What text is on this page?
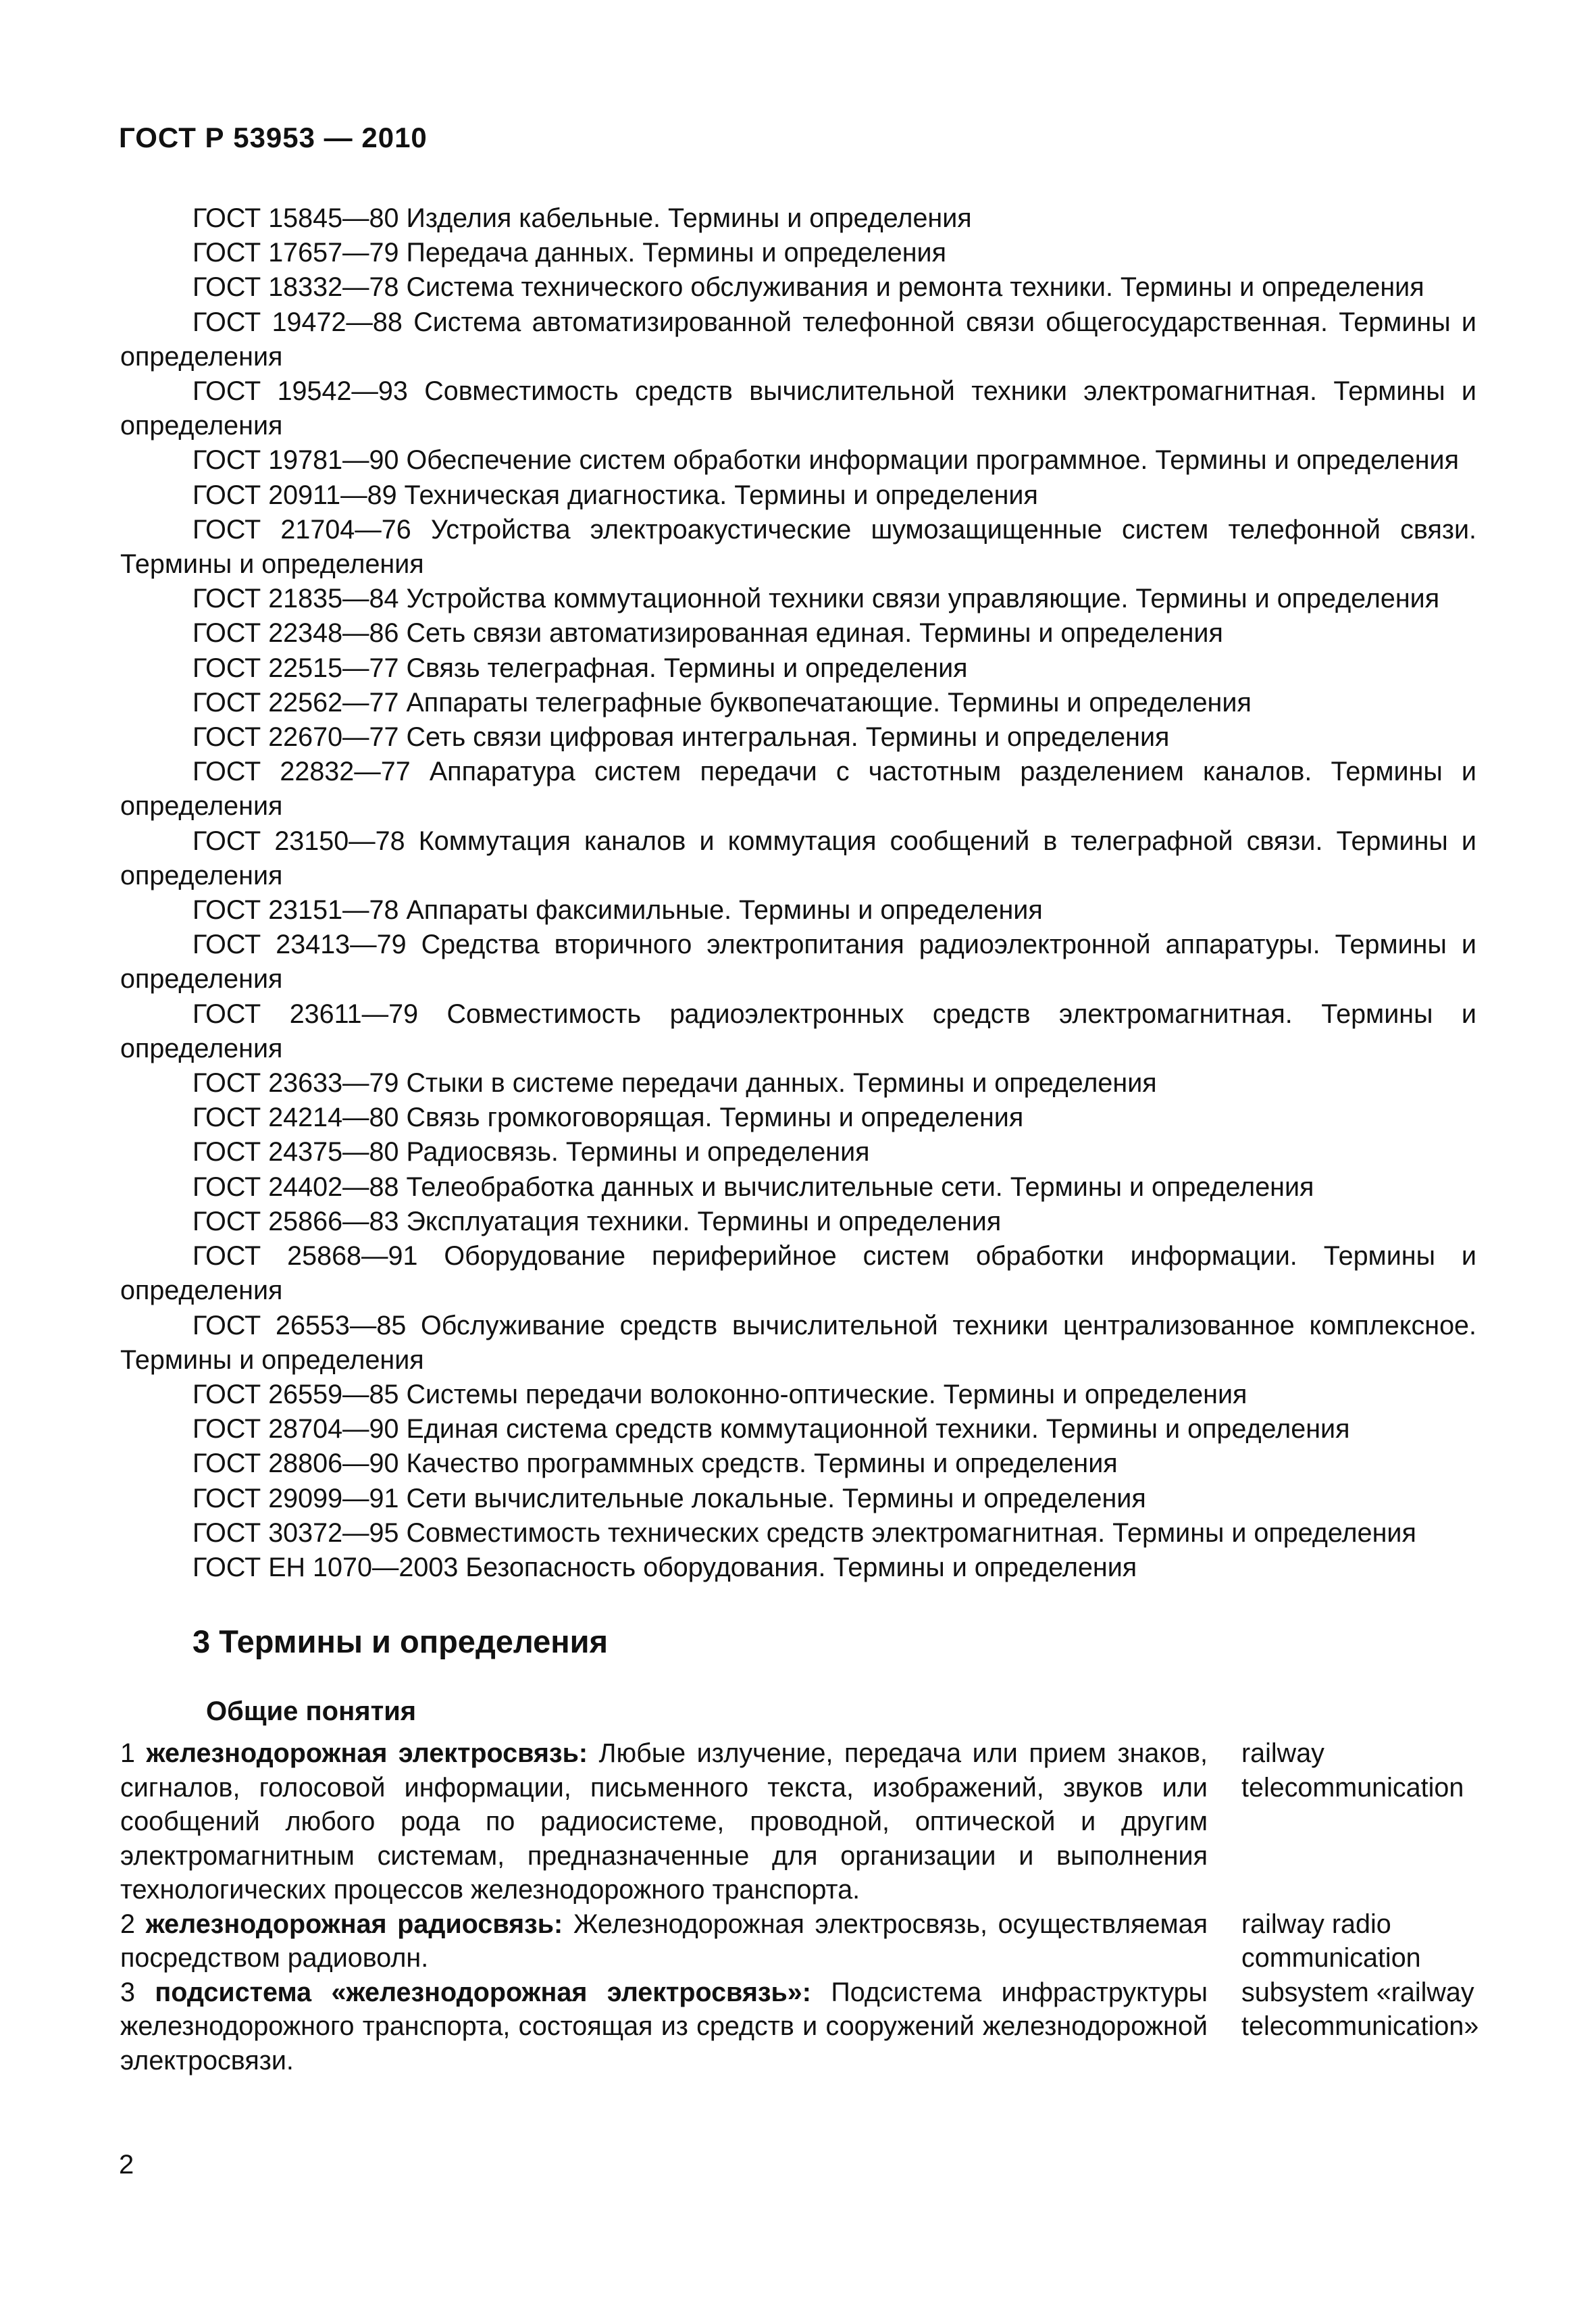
ГОСТ Р 53953 — 2010
ГОСТ 15845—80 Изделия кабельные. Термины и определения
ГОСТ 17657—79 Передача данных. Термины и определения
ГОСТ 18332—78 Система технического обслуживания и ремонта техники. Термины и определения
ГОСТ 19472—88 Система автоматизированной телефонной связи общегосударственная. Термины и определения
ГОСТ 19542—93 Совместимость средств вычислительной техники электромагнитная. Термины и определения
ГОСТ 19781—90 Обеспечение систем обработки информации программное. Термины и определения
ГОСТ 20911—89 Техническая диагностика. Термины и определения
ГОСТ 21704—76 Устройства электроакустические шумозащищенные систем телефонной связи. Термины и определения
ГОСТ 21835—84 Устройства коммутационной техники связи управляющие. Термины и определения
ГОСТ 22348—86 Сеть связи автоматизированная единая. Термины и определения
ГОСТ 22515—77 Связь телеграфная. Термины и определения
ГОСТ 22562—77 Аппараты телеграфные буквопечатающие. Термины и определения
ГОСТ 22670—77 Сеть связи цифровая интегральная. Термины и определения
ГОСТ 22832—77 Аппаратура систем передачи с частотным разделением каналов. Термины и определения
ГОСТ 23150—78 Коммутация каналов и коммутация сообщений в телеграфной связи. Термины и определения
ГОСТ 23151—78 Аппараты факсимильные. Термины и определения
ГОСТ 23413—79 Средства вторичного электропитания радиоэлектронной аппаратуры. Термины и определения
ГОСТ 23611—79 Совместимость радиоэлектронных средств электромагнитная. Термины и определения
ГОСТ 23633—79 Стыки в системе передачи данных. Термины и определения
ГОСТ 24214—80 Связь громкоговорящая. Термины и определения
ГОСТ 24375—80 Радиосвязь. Термины и определения
ГОСТ 24402—88 Телеобработка данных и вычислительные сети. Термины и определения
ГОСТ 25866—83 Эксплуатация техники. Термины и определения
ГОСТ 25868—91 Оборудование периферийное систем обработки информации. Термины и определения
ГОСТ 26553—85 Обслуживание средств вычислительной техники централизованное комплексное. Термины и определения
ГОСТ 26559—85 Системы передачи волоконно-оптические. Термины и определения
ГОСТ 28704—90 Единая система средств коммутационной техники. Термины и определения
ГОСТ 28806—90 Качество программных средств. Термины и определения
ГОСТ 29099—91 Сети вычислительные локальные. Термины и определения
ГОСТ 30372—95 Совместимость технических средств электромагнитная. Термины и определения
ГОСТ ЕН 1070—2003 Безопасность оборудования. Термины и определения
3 Термины и определения
Общие понятия
1 железнодорожная электросвязь: Любые излучение, передача или прием знаков, сигналов, голосовой информации, письменного текста, изображений, звуков или сообщений любого рода по радиосистеме, проводной, оптической и другим электромагнитным системам, предназначенные для организации и выполнения технологических процессов железнодорожного транспорта.
railway telecommunication
2 железнодорожная радиосвязь: Железнодорожная электросвязь, осуществляемая посредством радиоволн.
railway radio communication
3 подсистема «железнодорожная электросвязь»: Подсистема инфраструктуры железнодорожного транспорта, состоящая из средств и сооружений железнодорожной электросвязи.
subsystem «railway telecommunication»
2
